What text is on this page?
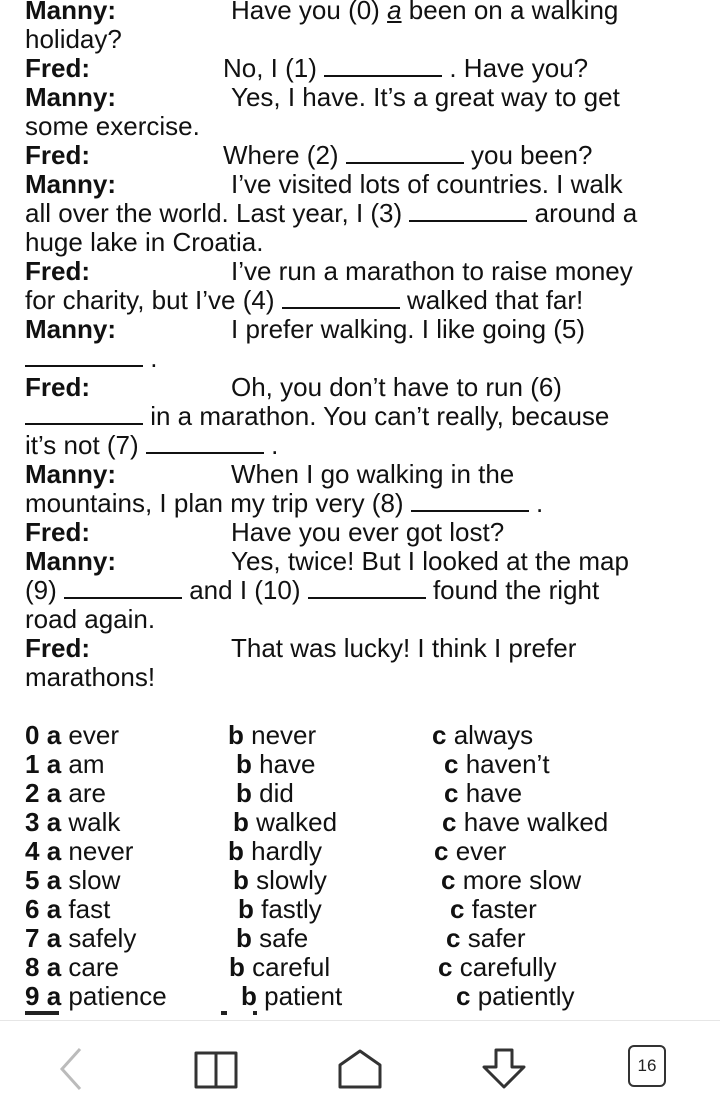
Manny:	Have you (0) a been on a walking
holiday?
Fred:	No, I (1)	. Have you?
Manny:	Yes, I have. It’s a great way to get
some exercise.
Fred:	Where (2)	you been?
Manny:	I’ve visited lots of countries. I walk
all over the world. Last year, I (3)	around a
huge lake in Croatia.
Fred:	I’ve run a marathon to raise money
for charity, but I’ve (4)	walked that far!
Manny:	I prefer walking. I like going (5)
.
Fred:	Oh, you don’t have to run (6)
in a marathon. You can’t really, because
it’s not (7)	.
Manny:	When I go walking in the
mountains, I plan my trip very (8)	.
Fred:	Have you ever got lost?
Manny:	Yes, twice! But I looked at the map
(9)	and I (10)	found the right
road again.
Fred:	That was lucky! I think I prefer
marathons!
0 a ever	b never	c always
1 a am	b have	c haven’t
2 a are	b did	c have
3 a walk	b walked	c have walked
4 a never	b hardly	c ever
5 a slow	b slowly	c more slow
6 a fast	b fastly	c faster
7 a safely	b safe	c safer
8 a care	b careful	c carefully
9 a patience	b patient	c patiently
16
